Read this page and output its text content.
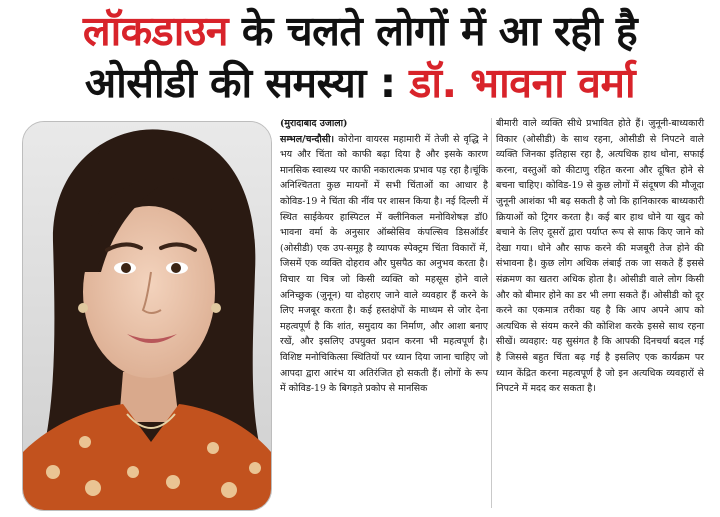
लॉकडाउन के चलते लोगों में आ रही है
ओसीडी की समस्या : डॉ. भावना वर्मा

(मुरादाबाद उजाला)
सम्भल/चन्दौसी। कोरोना वायरस महामारी में तेजी से वृद्धि ने भय और चिंता को काफी बढ़ा दिया है और इसके कारण मानसिक स्वास्थ्य पर काफी नकारात्मक प्रभाव पड़ रहा है।चूंकि अनिश्चितता कुछ मायनों में सभी चिंताओं का आधार है कोविड-19 ने चिंता की नींव पर शासन किया है। नई दिल्ली में स्थित साईकेयर हास्पिटल में क्लीनिकल मनोविशेषज्ञ डॉ0 भावना वर्मा के अनुसार ऑब्सेसिव कंपल्सिव डिसऑर्डर (ओसीडी) एक उप-समूह है व्यापक स्पेक्ट्रम चिंता विकारों में, जिसमें एक व्यक्ति दोहराव और घुसपैठ का अनुभव करता है। विचार या चित्र जो किसी व्यक्ति को महसूस होने वाले अनिच्छुक (जुनून) या दोहराए जाने वाले व्यवहार हैं करने के लिए मजबूर करता है। कई हस्तक्षेपों के माध्यम से जोर देना महत्वपूर्ण है कि शांत, समुदाय का निर्माण, और आशा बनाए रखें, और इसलिए उपयुक्त प्रदान करना भी महत्वपूर्ण है। विशिष्ट मनोचिकित्सा स्थितियों पर ध्यान दिया जाना चाहिए जो आपदा द्वारा आरंभ या अतिरंजित हो सकती हैं। लोगों के रूप में कोविड-19 के बिगड़ते प्रकोप से मानसिक

बीमारी वाले व्यक्ति सीधे प्रभावित होते हैं। जुनूनी-बाध्यकारी विकार (ओसीडी) के साथ रहना, ओसीडी से निपटने वाले व्यक्ति जिनका इतिहास रहा है, अत्यधिक हाथ धोना, सफाई करना, वस्तुओं को कीटाणु रहित करना और दूषित होने से बचना चाहिए। कोविड-19 से कुछ लोगों में संदूषण की मौजूदा जुनूनी आशंका भी बढ़ सकती है जो कि हानिकारक बाध्यकारी क्रियाओं को ट्रिगर करता है। कई बार हाथ धोने या खुद को बचाने के लिए दूसरों द्वारा पर्याप्त रूप से साफ किए जाने को देखा गया। धोने और साफ करने की मजबूरी तेज होने की संभावना है। कुछ लोग अधिक लंबाई तक जा सकते हैं इससे संक्रमण का खतरा अधिक होता है। ओसीडी वाले लोग किसी और को बीमार होने का डर भी लगा सकते हैं। ओसीडी को दूर करने का एकमात्र तरीका यह है कि आप अपने आप को अत्यधिक से संयम करने की कोशिश करके इससे साथ रहना सीखें। व्यवहार: यह सुसंगत है कि आपकी दिनचर्या बदल गई है जिससे बहुत चिंता बढ़ गई है इसलिए एक कार्यक्रम पर ध्यान केंद्रित करना महत्वपूर्ण है जो इन अत्यधिक व्यवहारों से निपटने में मदद कर सकता है।
